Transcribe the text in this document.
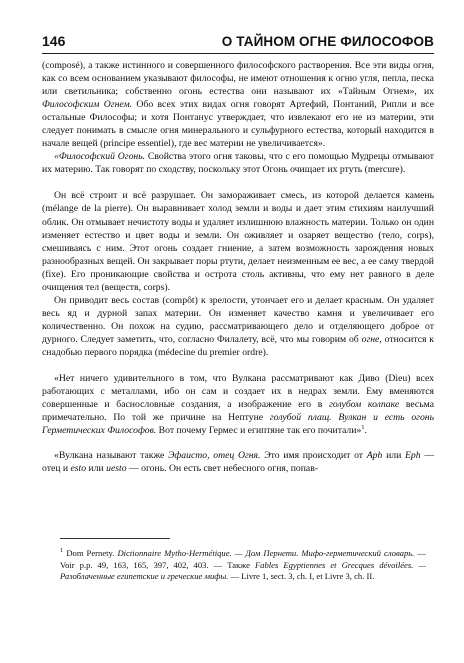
146	О ТАЙНОМ ОГНЕ ФИЛОСОФОВ

(composé), а также истинного и совершенного философского растворения. Все эти виды огня, как со всем основанием указывают философы, не имеют отношения к огню угля, пепла, песка или светильника; собственно огонь естества они называют их «Тайным Огнем», их Философским Огнем. Обо всех этих видах огня говорят Артефий, Понтаний, Рипли и все остальные Философы; и хотя Понтанус утверждает, что извлекают его не из материи, эти следует понимать в смысле огня минерального и сульфурного естества, который находится в начале вещей (principe essentiel), где вес материи не увеличивается».

«Философский Огонь. Свойства этого огня таковы, что с его помощью Мудрецы отмывают их материю. Так говорят по сходству, поскольку этот Огонь очищает их ртуть (mercure).

Он всё строит и всё разрушает. Он замораживает смесь, из которой делается камень (mélange de la pierre). Он выравнивает холод земли и воды и дает этим стихиям наилучший облик. Он отмывает нечистоту воды и удаляет излишнюю влажность материи. Только он один изменяет естество и цвет воды и земли. Он оживляет и озаряет вещество (тело, corps), смешиваясь с ним. Этот огонь создает гниение, а затем возможность зарождения новых разнообразных вещей. Он закрывает поры ртути, делает неизменным ее вес, а ее саму твердой (fixe). Его проникающие свойства и острота столь активны, что ему нет равного в деле очищения тел (веществ, corps).

Он приводит весь состав (compôt) к зрелости, утончает его и делает красным. Он удаляет весь яд и дурной запах материи. Он изменяет качество камня и увеличивает его количественно. Он похож на судию, рассматривающего дело и отделяющего доброе от дурного. Следует заметить, что, согласно Филалету, всё, что мы говорим об огне, относится к снадобью первого порядка (médecine du premier ordre).

«Нет ничего удивительного в том, что Вулкана рассматривают как Диво (Dieu) всех работающих с металлами, ибо он сам и создает их в недрах земли. Ему вменяются совершенные и баснословные создания, а изображение его в голубом колпаке весьма примечательно. По той же причине на Нептуне голубой плащ. Вулкан и есть огонь Герметических Философов. Вот почему Гермес и египтяне так его почитали»$^1$.

«Вулкана называют также Эфаисто, отец Огня. Это имя происходит от Aph или Eph — отец и esto или uesto — огонь. Он есть свет небесного огня, попав-

$^1$ Dom Pernety. Dictionnaire Mytho-Hermétique. — Дом Пернети. Мифо-герметический словарь. — Voir p.p. 49, 163, 165, 397, 402, 403. — Также Fables Egyptiennes et Grecques dévoilées. — Разоблаченные египетские и греческие мифы. — Livre 1, sect. 3, ch. I, et Livre 3, ch. II.
